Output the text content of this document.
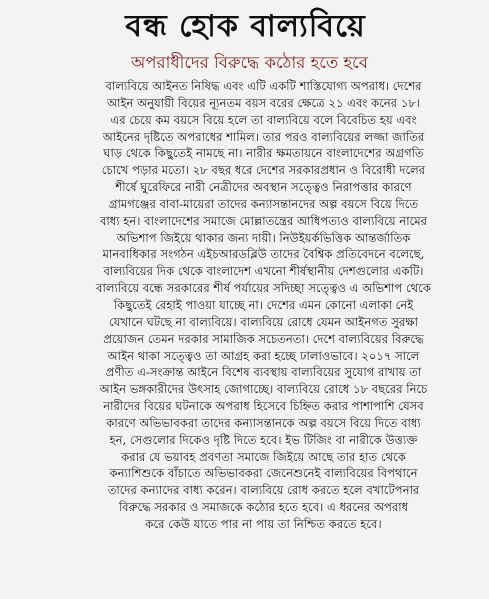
বন্ধ হোক বাল্যবিয়ে
অপরাধীদের বিরুদ্ধে কঠোর হতে হবে
বাল্যবিয়ে আইনত নিষিদ্ধ এবং এটি একটি শাস্তিযোগ্য অপরাধ। দেশের
আইন অনুযায়ী বিয়ের ন্যূনতম বয়স বরের ক্ষেত্রে ২১ এবং কনের ১৮।
এর চেয়ে কম বয়সে বিয়ে হলে তা বাল্যবিয়ে বলে বিবেচিত হয় এবং
আইনের দৃষ্টিতে অপরাধের শামিল। তার পরও বাল্যবিয়ের লজ্জা জাতির
ঘাড় থেকে কিছুতেই নামছে না। নারীর ক্ষমতায়নে বাংলাদেশের অগ্রগতি
চোখে পড়ার মতো। ২৮ বছর ধরে দেশের সরকারপ্রধান ও বিরোধী দলের
শীর্ষে ঘুরেফিরে নারী নেত্রীদের অবস্থান সত্ত্বেও নিরাপত্তার কারণে
গ্রামগঞ্জের বাবা-মায়েরা তাদের কন্যাসন্তানদের অল্প বয়সে বিয়ে দিতে
বাধ্য হন। বাংলাদেশের সমাজে মোল্লাতন্ত্রের আধিপত্যও বাল্যবিয়ে নামের
অভিশাপ জিইয়ে থাকার জন্য দায়ী। নিউইয়র্কভিত্তিক আন্তর্জাতিক
মানবাধিকার সংগঠন এইচআরডব্লিউ তাদের বৈশ্বিক প্রতিবেদনে বলেছে,
বাল্যবিয়ের দিক থেকে বাংলাদেশ এখনো শীর্ষস্থানীয় দেশগুলোর একটি।
বাল্যবিয়ে বন্ধে সরকারের শীর্ষ পর্যায়ের সদিচ্ছা সত্ত্বেও এ অভিশাপ থেকে
কিছুতেই রেহাই পাওয়া যাচ্ছে না। দেশের এমন কোনো এলাকা নেই
যেখানে ঘটছে না বাল্যবিয়ে। বাল্যবিয়ে রোধে যেমন আইনগত সুরক্ষা
প্রয়োজন তেমন দরকার সামাজিক সচেতনতা। দেশে বাল্যবিয়ের বিরুদ্ধে
আইন থাকা সত্ত্বেও তা আগ্রহ করা হচ্ছে ঢালাওভাবে। ২০১৭ সালে
প্রণীত এ-সংক্রান্ত আইনে বিশেষ ব্যবস্থায় বাল্যবিয়ের সুযোগ রাখায় তা
আইন ভঙ্গকারীদের উৎসাহ জোগাচ্ছে। বাল্যবিয়ে রোধে ১৮ বছরের নিচে
নারীদের বিয়ের ঘটনাকে অপরাধ হিসেবে চিহ্নিত করার পাশাপাশি যেসব
কারণে অভিভাবকরা তাদের কন্যাসন্তানকে অল্প বয়সে বিয়ে দিতে বাধ্য
হন, সেগুলোর দিকেও দৃষ্টি দিতে হবে। ইভ টিজিং বা নারীকে উত্ত্যক্ত
করার যে ভয়াবহ প্রবণতা সমাজে জিইয়ে আছে তার হাত থেকে
কন্যাশিশুকে বাঁচাতে অভিভাবকরা জেনেশুনেই বাল্যবিয়ের বিপথানে
তাদের কন্যাদের বাধ্য করেন। বাল্যবিয়ে রোধ করতে হলে বখাটেপনার
বিরুদ্ধে সরকার ও সমাজকে কঠোর হতে হবে। এ ধরনের অপরাধ
করে কেউ যাতে পার না পায় তা নিশ্চিত করতে হবে।
